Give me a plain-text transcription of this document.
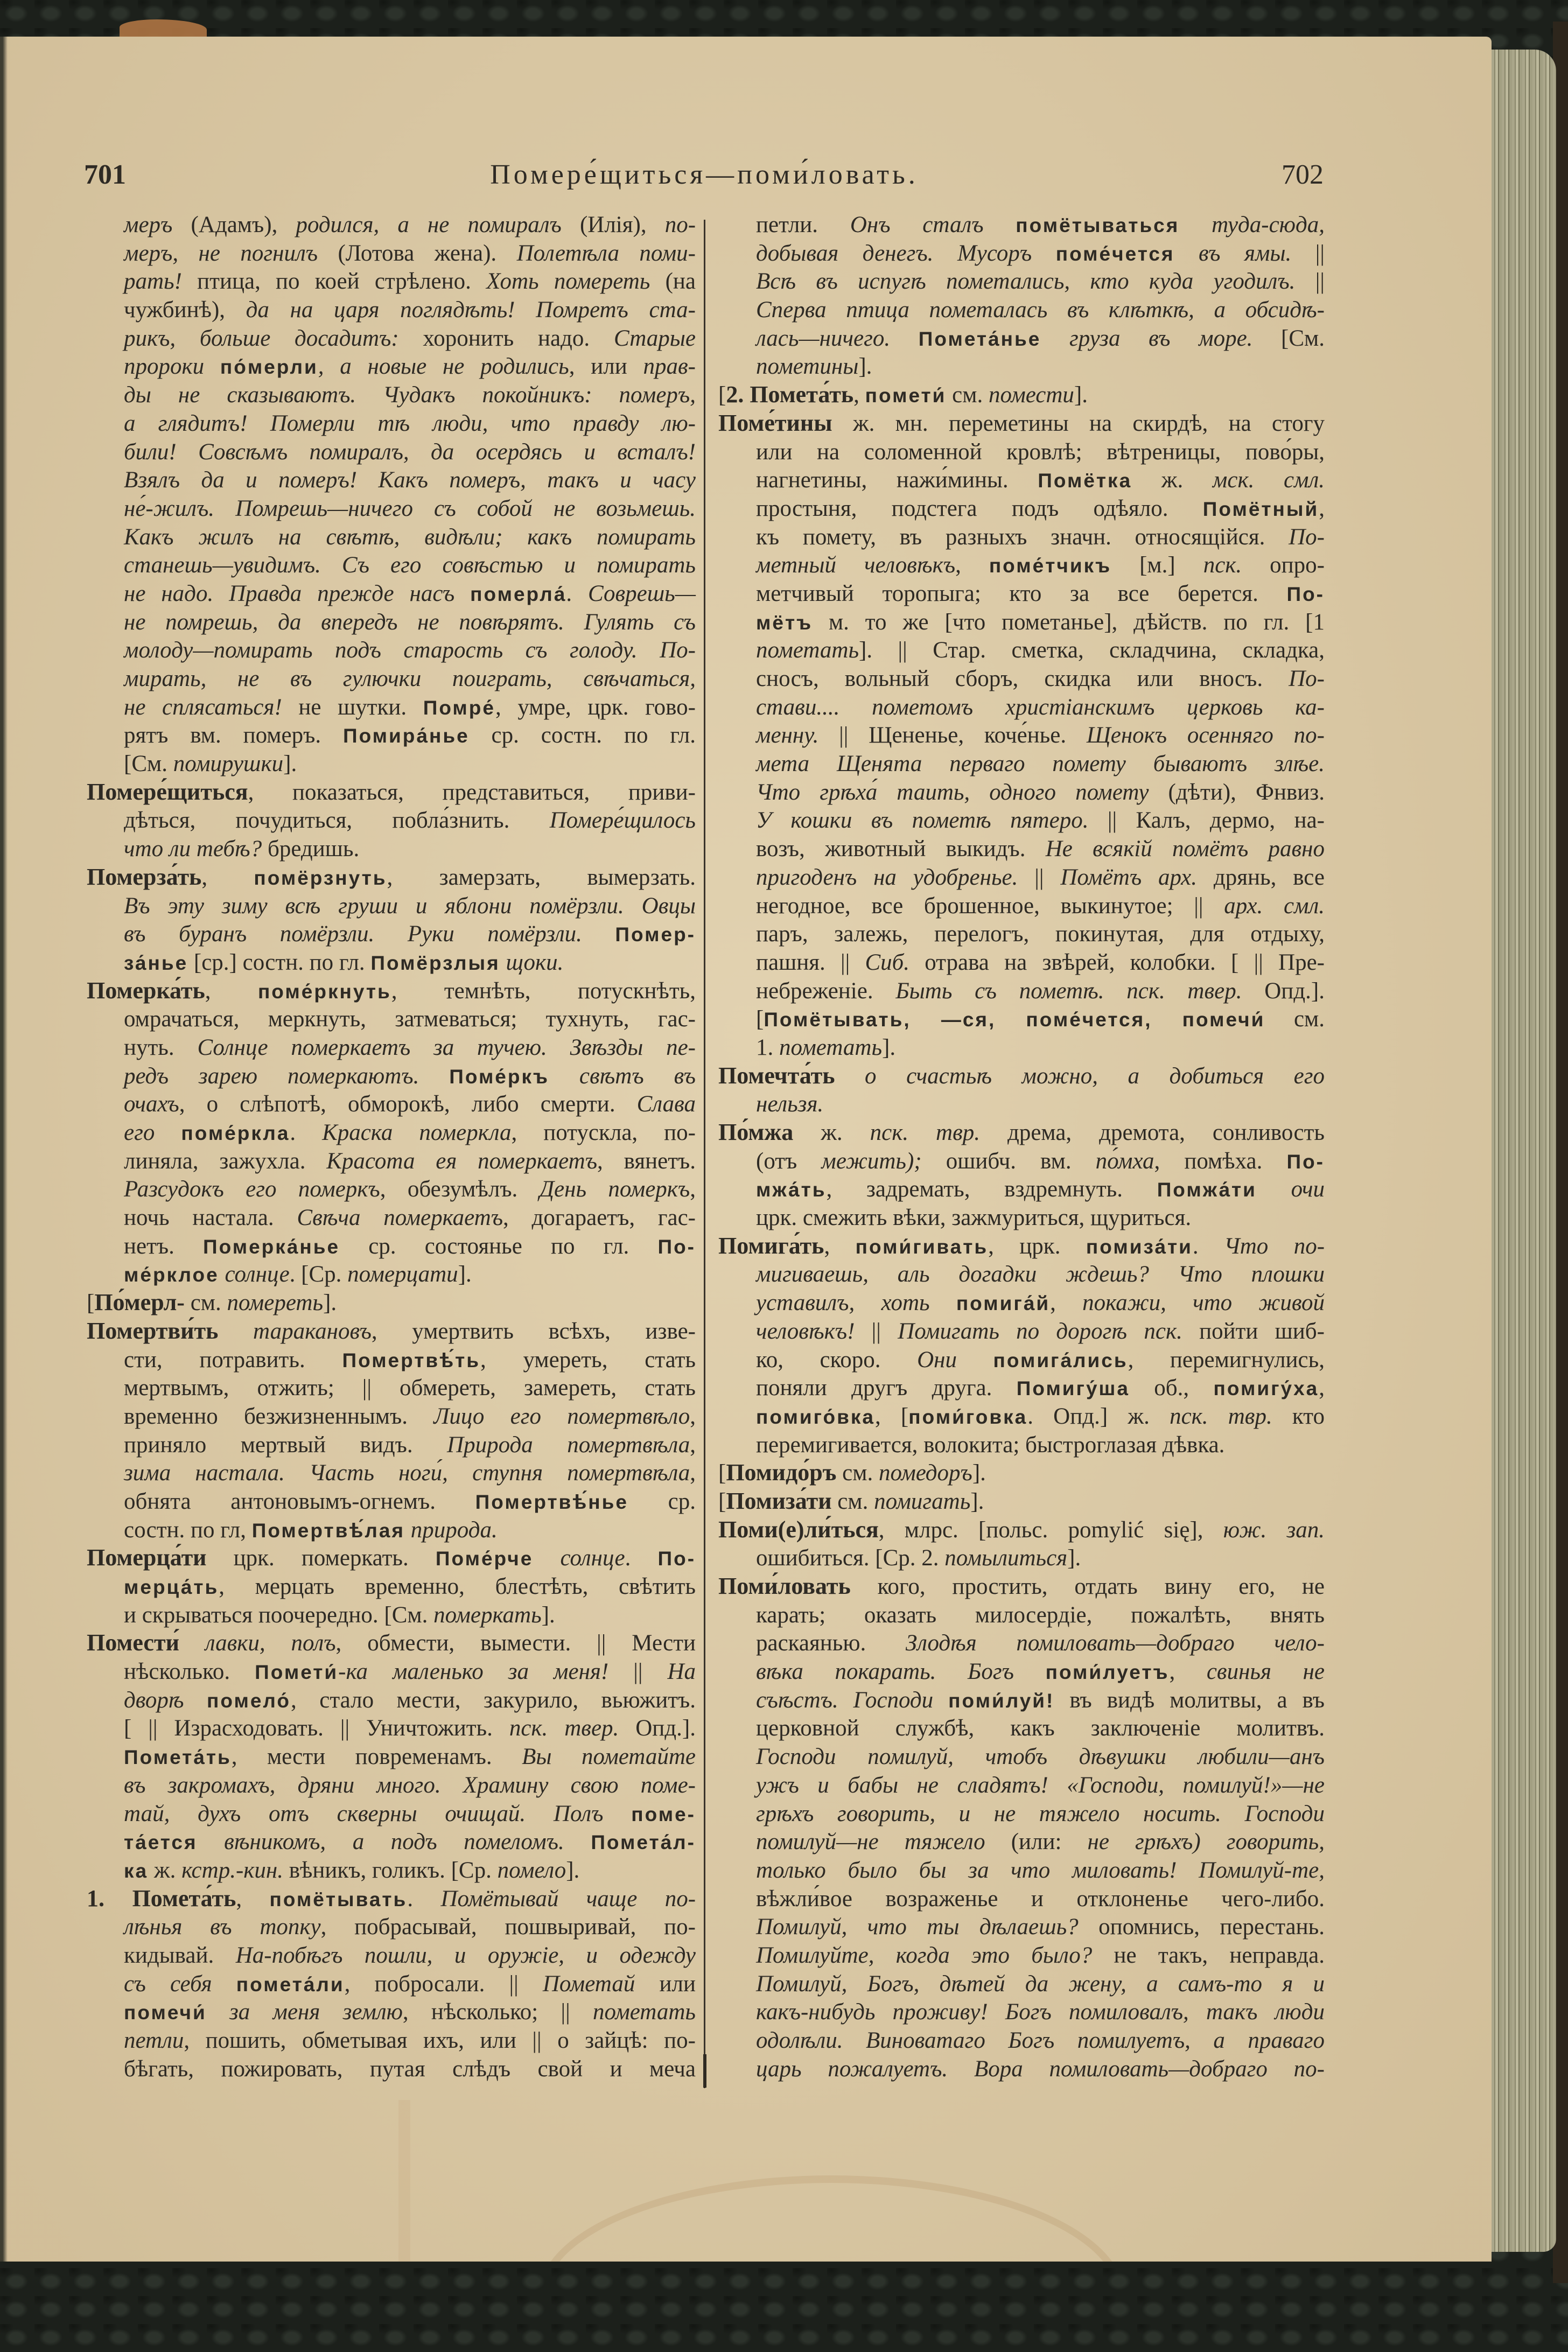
701	Помере́щиться—поми́ловать.	702
меръ (Адамъ), родился, а не помиралъ (Илія), по-
меръ, не погнилъ (Лотова жена). Полетѣла поми-
рать! птица, по коей стрѣлено. Хоть помереть (на
чужбинѣ), да на царя поглядѣть! Помретъ ста-
рикъ, больше досадитъ: хоронить надо. Старые
пророки по́мерли, а новые не родились, или прав-
ды не сказываютъ. Чудакъ покойникъ: померъ,
а глядитъ! Померли тѣ люди, что правду лю-
били! Совсѣмъ помиралъ, да осердясь и всталъ!
Взялъ да и померъ! Какъ померъ, такъ и часу
не́-жилъ. Помрешь—ничего съ собой не возьмешь.
Какъ жилъ на свѣтѣ, видѣли; какъ помирать
станешь—увидимъ. Съ его совѣстью и помирать
не надо. Правда прежде насъ померла́. Соврешь—
не помрешь, да впередъ не повѣрятъ. Гулять съ
молоду—помирать подъ старость съ голоду. По-
мирать, не въ гулючки поиграть, свѣчаться,
не сплясаться! не шутки. Помре́, умре, црк. гово-
рятъ вм. померъ. Помира́нье ср. состн. по гл.
[См. помирушки].
Помере́щиться, показаться, представиться, приви-
дѣться, почудиться, побла́знить. Помере́щилось
что ли тебѣ? бредишь.
Померза́ть, помёрзнуть, замерзать, вымерзать.
Въ эту зиму всѣ груши и яблони помёрзли. Овцы
въ буранъ помёрзли. Руки помёрзли. Помер-
за́нье [ср.] состн. по гл. Помёрзлыя щоки.
Померка́ть, поме́ркнуть, темнѣть, потускнѣть,
омрачаться, меркнуть, затмеваться; тухнуть, гас-
нуть. Солнце померкаетъ за тучею. Звѣзды пе-
редъ зарею померкаютъ. Поме́ркъ свѣтъ въ
очахъ, о слѣпотѣ, обморокѣ, либо смерти. Слава
его поме́ркла. Краска померкла, потускла, по-
линяла, зажухла. Красота ея померкаетъ, вянетъ.
Разсудокъ его померкъ, обезумѣлъ. День померкъ,
ночь настала. Свѣча померкаетъ, догараетъ, гас-
нетъ. Померка́нье ср. состоянье по гл. По-
ме́рклое солнце. [Ср. померцати].
[По́мерл- см. помереть].
Помертви́ть таракановъ, умертвить всѣхъ, изве-
сти, потравить. Помертвѣ́ть, умереть, стать
мертвымъ, отжить; || обмереть, замереть, стать
временно безжизненнымъ. Лицо его помертвѣло,
приняло мертвый видъ. Природа помертвѣла,
зима настала. Часть ноги́, ступня помертвѣла,
обнята антоновымъ-огнемъ. Помертвѣ́нье ср.
состн. по гл, Помертвѣ́лая природа.
Померца́ти црк. померкать. Поме́рче солнце. По-
мерца́ть, мерцать временно, блестѣть, свѣтить
и скрываться поочередно. [См. померкать].
Помести́ лавки, полъ, обмести, вымести. || Мести
нѣсколько. Помети́-ка маленько за меня! || На
дворѣ помело́, стало мести, закурило, вьюжитъ.
[ || Израсходовать. || Уничтожить. пск. твер. Опд.].
Помета́ть, мести повременамъ. Вы пометайте
въ закромахъ, дряни много. Храмину свою поме-
тай, духъ отъ скверны очищай. Полъ поме-
та́ется вѣникомъ, а подъ помеломъ. Помета́л-
ка ж. кстр.-кин. вѣникъ, голикъ. [Ср. помело].
1. Помета́ть, помётывать. Помётывай чаще по-
лѣнья въ топку, побрасывай, пошвыривай, по-
кидывай. На-побѣгъ пошли, и оружіе, и одежду
съ себя помета́ли, побросали. || Пометай или
помечи́ за меня землю, нѣсколько; || пометать
петли, пошить, обметывая ихъ, или || о зайцѣ: по-
бѣгать, пожировать, путая слѣдъ свой и меча
петли. Онъ сталъ помётываться туда-сюда,
добывая денегъ. Мусоръ поме́чется въ ямы. ||
Всѣ въ испугѣ пометались, кто куда угодилъ. ||
Сперва птица пометалась въ клѣткѣ, а обсидѣ-
лась—ничего. Помета́нье груза въ море. [См.
пометины].
[2. Помета́ть, помети́ см. помести].
Поме́тины ж. мн. переметины на скирдѣ, на стогу
или на соломенной кровлѣ; вѣтреницы, пово́ры,
нагнетины, нажи́мины. Помётка ж. мск. смл.
простыня, подстега подъ одѣяло. Помётный,
къ помету, въ разныхъ значн. относящійся. По-
метный человѣкъ, поме́тчикъ [м.] пск. опро-
метчивый торопыга; кто за все берется. По-
мётъ м. то же [что пометанье], дѣйств. по гл. [1
пометать]. || Стар. сметка, складчина, складка,
сносъ, вольный сборъ, скидка или вносъ. По-
стави.... пометомъ христіанскимъ церковь ка-
менну. || Щененье, коче́нье. Щенокъ осенняго по-
мета Щенята перваго помету бываютъ злѣе.
Что грѣха́ таить, одного помету (дѣти), Фнвиз.
У кошки въ пометѣ пятеро. || Калъ, дермо, на-
возъ, животный выкидъ. Не всякій помётъ равно
пригоденъ на удобренье. || Помётъ арх. дрянь, все
негодное, все брошенное, выкинутое; || арх. смл.
паръ, залежь, перелогъ, покинутая, для отдыху,
пашня. || Сиб. отрава на звѣрей, колобки. [ || Пре-
небреженіе. Быть съ пометѣ. пск. твер. Опд.].
[Помётывать, —ся, поме́чется, помечи́ см.
1. пометать].
Помечта́ть о счастьѣ можно, а добиться его
нельзя.
По́мжа ж. пск. твр. дрема, дремота, сонливость
(отъ межить); ошибч. вм. по́мха, помѣха. По-
мжа́ть, задремать, вздремнуть. Помжа́ти очи
црк. смежить вѣки, зажмуриться, щуриться.
Помига́ть, поми́гивать, црк. помиза́ти. Что по-
мигиваешь, аль догадки ждешь? Что плошки
уставилъ, хоть помига́й, покажи, что живой
человѣкъ! || Помигать по дорогѣ пск. пойти шиб-
ко, скоро. Они помига́лись, перемигнулись,
поняли другъ друга. Помигу́ша об., помигу́ха,
помиго́вка, [поми́говка. Опд.] ж. пск. твр. кто
перемигивается, волокита; быстроглазая дѣвка.
[Помидо́ръ см. помедоръ].
[Помиза́ти см. помигать].
Поми(е)ли́ться, млрс. [польс. pomylić się], юж. зап.
ошибиться. [Ср. 2. помылиться].
Поми́ловать кого, простить, отдать вину его, не
карать; оказать милосердіе, пожалѣть, внять
раскаянью. Злодѣя помиловать—добраго чело-
вѣка покарать. Богъ поми́луетъ, свинья не
съѣстъ. Господи поми́луй! въ видѣ молитвы, а въ
церковной службѣ, какъ заключеніе молитвъ.
Господи помилуй, чтобъ дѣвушки любили—анъ
ужъ и бабы не сладятъ! «Господи, помилуй!»—не
грѣхъ говорить, и не тяжело носить. Господи
помилуй—не тяжело (или: не грѣхъ) говорить,
только было бы за что миловать! Помилуй-те,
вѣжли́вое возраженье и отклоненье чего-либо.
Помилуй, что ты дѣлаешь? опомнись, перестань.
Помилуйте, когда это было? не такъ, неправда.
Помилуй, Богъ, дѣтей да жену, а самъ-то я и
какъ-нибудь проживу! Богъ помиловалъ, такъ люди
одолѣли. Виноватаго Богъ помилуетъ, а праваго
царь пожалуетъ. Вора помиловать—добраго по-
